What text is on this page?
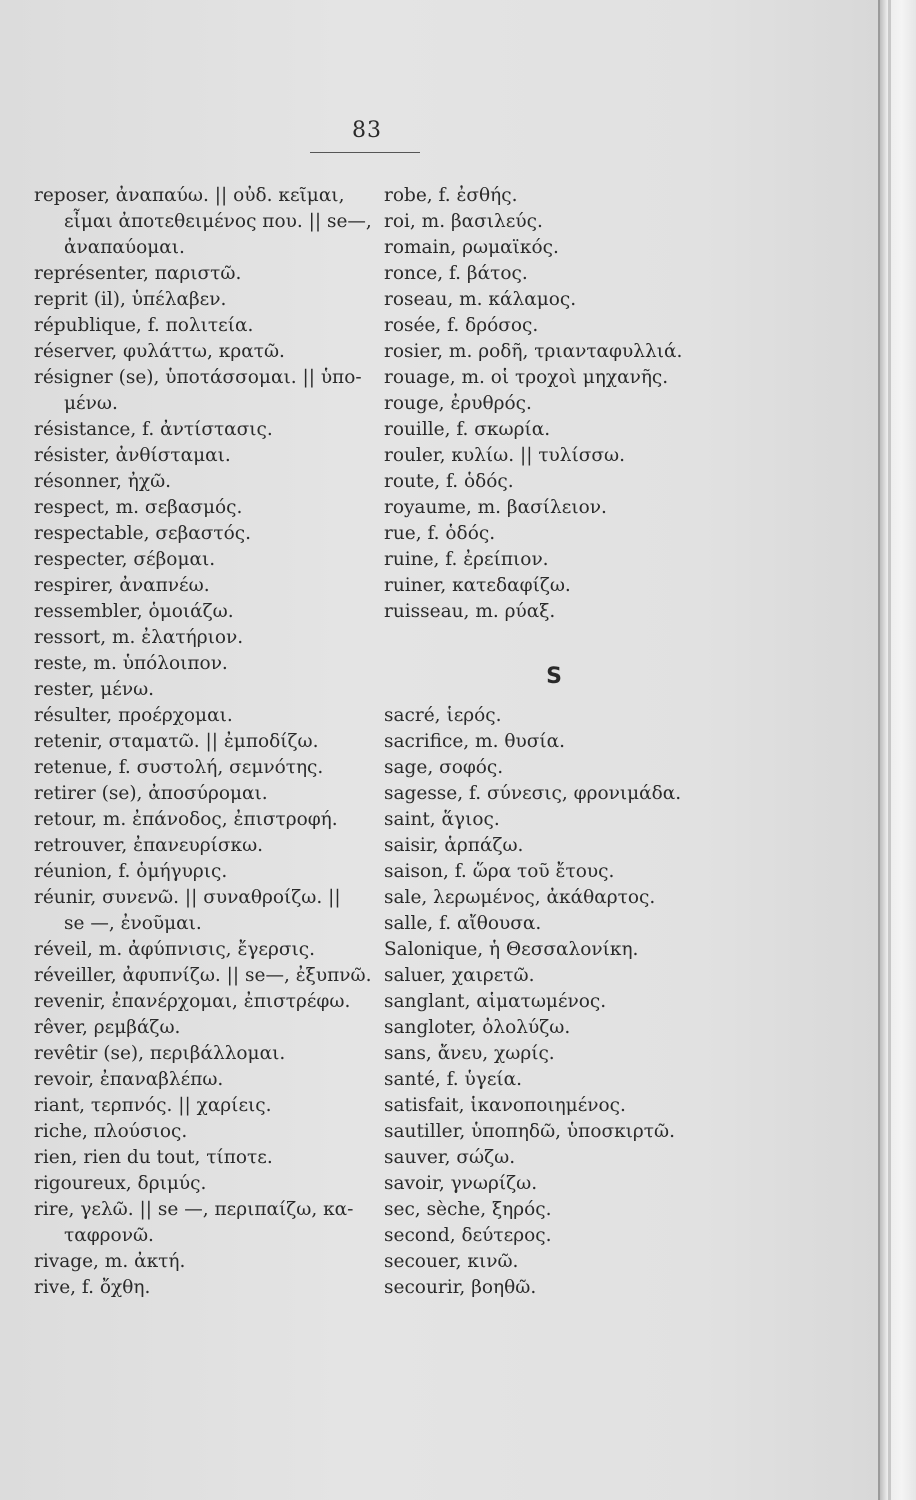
83
reposer, ἀναπαύω. || οὐδ. κεῖμαι,
εἶμαι ἀποτεθειμένος που. || se—,
ἀναπαύομαι.
représenter, παριστῶ.
reprit (il), ὑπέλαβεν.
république, f. πολιτεία.
réserver, φυλάττω, κρατῶ.
résigner (se), ὑποτάσσομαι. || ὑπο-
μένω.
résistance, f. ἀντίστασις.
résister, ἀνθίσταμαι.
résonner, ἠχῶ.
respect, m. σεβασμός.
respectable, σεβαστός.
respecter, σέβομαι.
respirer, ἀναπνέω.
ressembler, ὁμοιάζω.
ressort, m. ἐλατήριον.
reste, m. ὑπόλοιπον.
rester, μένω.
résulter, προέρχομαι.
retenir, σταματῶ. || ἐμποδίζω.
retenue, f. συστολή, σεμνότης.
retirer (se), ἀποσύρομαι.
retour, m. ἐπάνοδος, ἐπιστροφή.
retrouver, ἐπανευρίσκω.
réunion, f. ὁμήγυρις.
réunir, συνενῶ. || συναθροίζω. ||
se —, ἐνοῦμαι.
réveil, m. ἀφύπνισις, ἔγερσις.
réveiller, ἀφυπνίζω. || se—, ἐξυπνῶ.
revenir, ἐπανέρχομαι, ἐπιστρέφω.
rêver, ρεμβάζω.
revêtir (se), περιβάλλομαι.
revoir, ἐπαναβλέπω.
riant, τερπνός. || χαρίεις.
riche, πλούσιος.
rien, rien du tout, τίποτε.
rigoureux, δριμύς.
rire, γελῶ. || se —, περιπαίζω, κα-
ταφρονῶ.
rivage, m. ἀκτή.
rive, f. ὄχθη.
robe, f. ἐσθής.
roi, m. βασιλεύς.
romain, ρωμαϊκός.
ronce, f. βάτος.
roseau, m. κάλαμος.
rosée, f. δρόσος.
rosier, m. ροδῆ, τριανταφυλλιά.
rouage, m. οἱ τροχοὶ μηχανῆς.
rouge, ἐρυθρός.
rouille, f. σκωρία.
rouler, κυλίω. || τυλίσσω.
route, f. ὁδός.
royaume, m. βασίλειον.
rue, f. ὁδός.
ruine, f. ἐρείπιον.
ruiner, κατεδαφίζω.
ruisseau, m. ρύαξ.
S
sacré, ἱερός.
sacrifice, m. θυσία.
sage, σοφός.
sagesse, f. σύνεσις, φρονιμάδα.
saint, ἅγιος.
saisir, ἁρπάζω.
saison, f. ὥρα τοῦ ἔτους.
sale, λερωμένος, ἀκάθαρτος.
salle, f. αἴθουσα.
Salonique, ἡ Θεσσαλονίκη.
saluer, χαιρετῶ.
sanglant, αἱματωμένος.
sangloter, ὀλολύζω.
sans, ἄνευ, χωρίς.
santé, f. ὑγεία.
satisfait, ἱκανοποιημένος.
sautiller, ὑποπηδῶ, ὑποσκιρτῶ.
sauver, σώζω.
savoir, γνωρίζω.
sec, sèche, ξηρός.
second, δεύτερος.
secouer, κινῶ.
secourir, βοηθῶ.
